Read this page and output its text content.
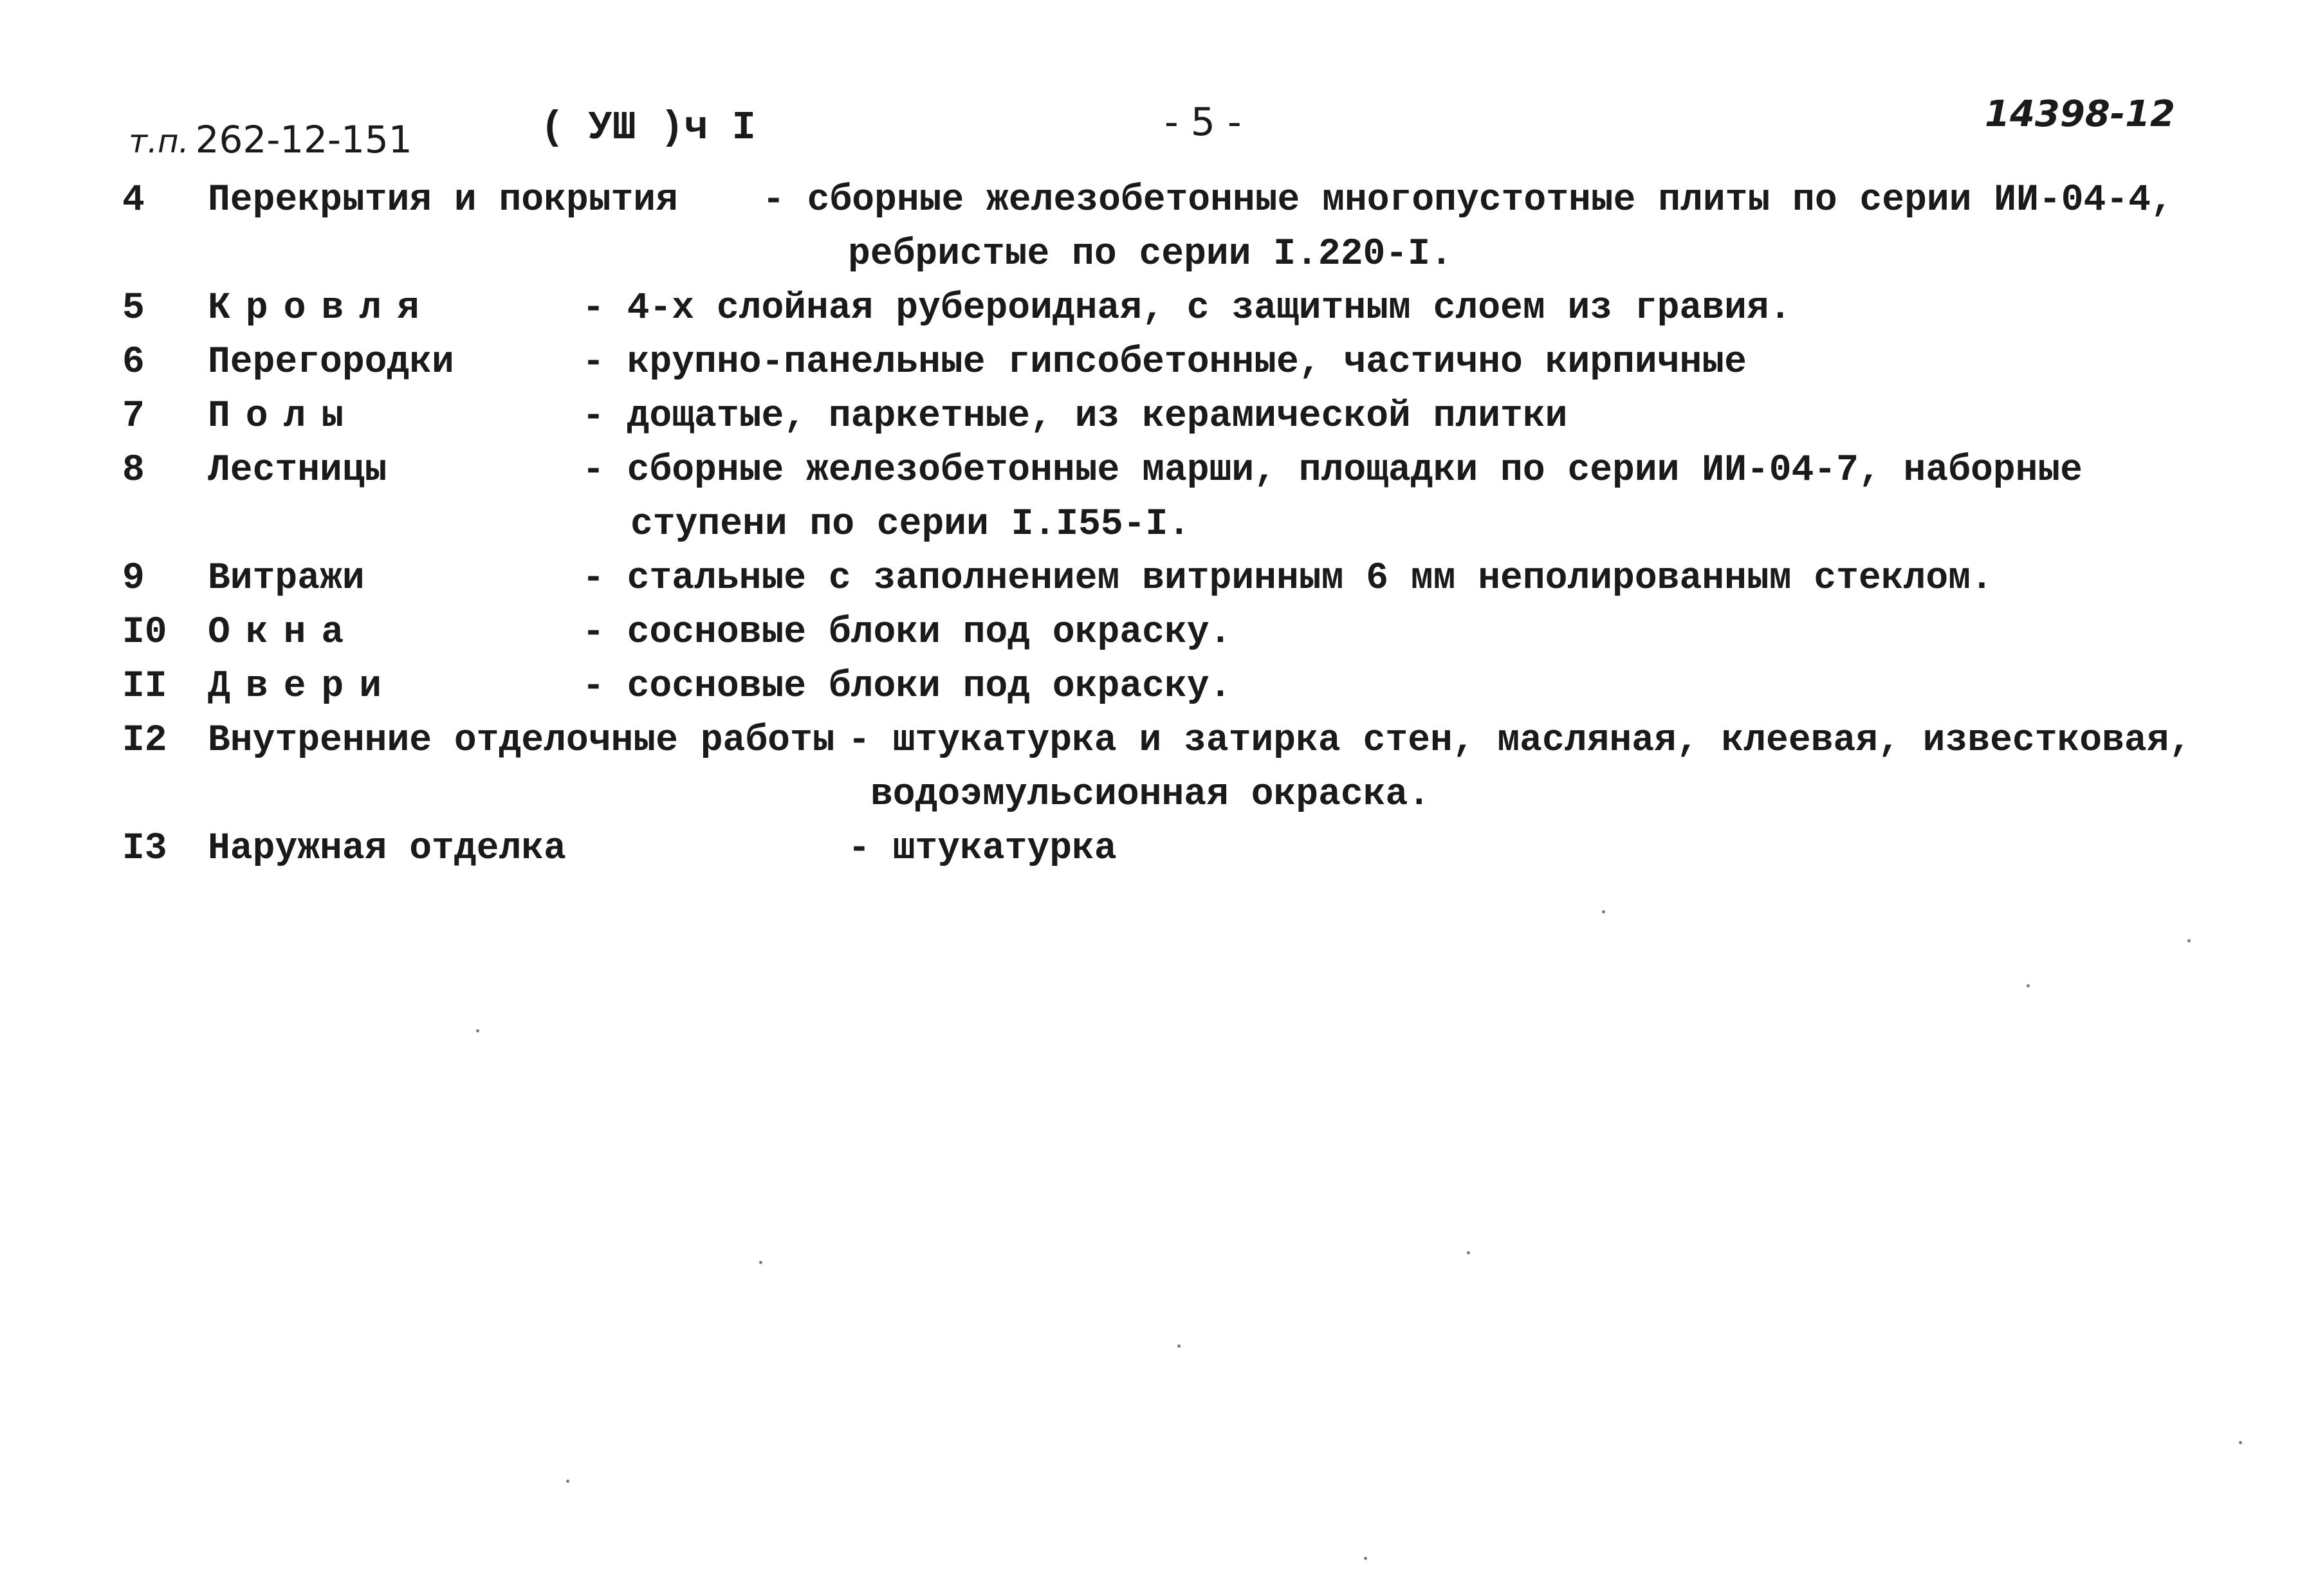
т.п. 262-12-151	( УШ )ч I	- 5 -	14398-12
4 Перекрытия и покрытия - сборные железобетонные многопустотные плиты по серии ИИ-04-4,
ребристые по серии I.220-I.
5 Кровля	- 4-х слойная рубероидная, с защитным слоем из гравия.
6 Перегородки	- крупно-панельные гипсобетонные, частично кирпичные
7 Полы	- дощатые, паркетные, из керамической плитки
8 Лестницы	- сборные железобетонные марши, площадки по серии ИИ-04-7, наборные
ступени по серии I.I55-I.
9 Витражи	- стальные с заполнением витринным 6 мм неполированным стеклом.
I0 Окна	- сосновые блоки под окраску.
II Двери	- сосновые блоки под окраску.
I2 Внутренние отделочные работы - штукатурка и затирка стен, масляная, клеевая, известковая,
водоэмульсионная окраска.
I3 Наружная отделка	- штукатурка
